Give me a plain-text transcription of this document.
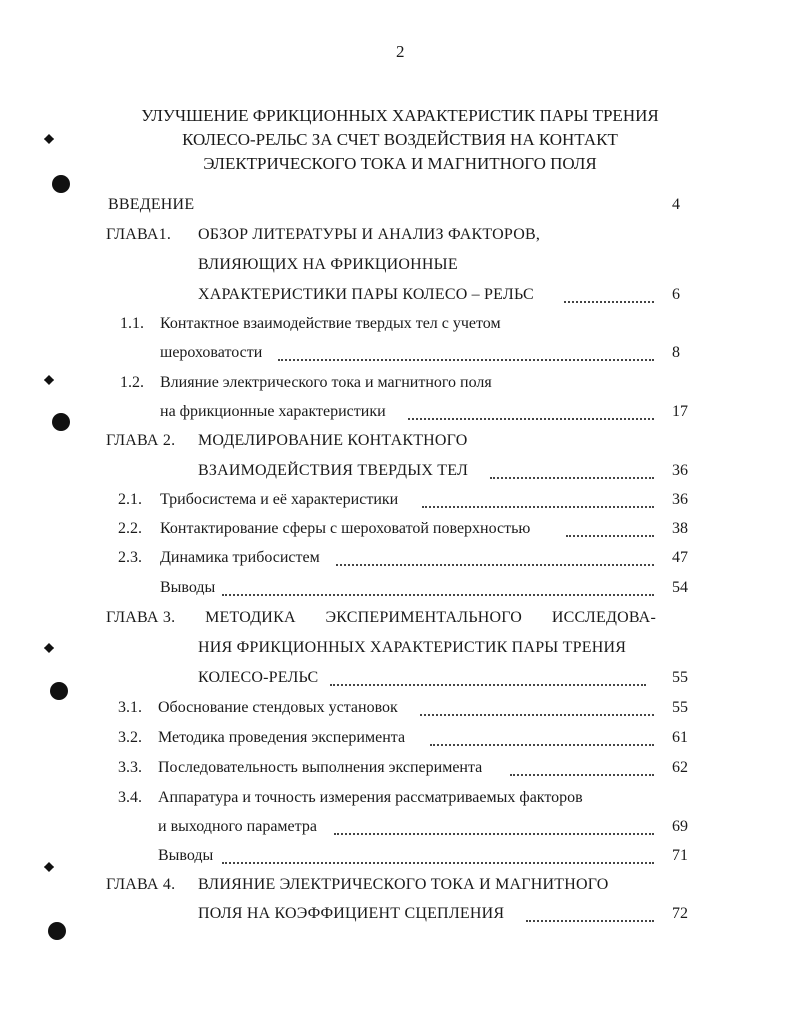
2
УЛУЧШЕНИЕ ФРИКЦИОННЫХ ХАРАКТЕРИСТИК ПАРЫ ТРЕНИЯ
КОЛЕСО-РЕЛЬС ЗА СЧЕТ ВОЗДЕЙСТВИЯ НА КОНТАКТ
ЭЛЕКТРИЧЕСКОГО ТОКА И МАГНИТНОГО ПОЛЯ
ВВЕДЕНИЕ	4
ГЛАВА1. ОБЗОР ЛИТЕРАТУРЫ И АНАЛИЗ ФАКТОРОВ,
ВЛИЯЮЩИХ НА ФРИКЦИОННЫЕ
ХАРАКТЕРИСТИКИ ПАРЫ КОЛЕСО – РЕЛЬС	6
1.1. Контактное взаимодействие твердых тел с учетом
шероховатости	8
1.2. Влияние электрического тока и магнитного поля
на фрикционные характеристики	17
ГЛАВА 2. МОДЕЛИРОВАНИЕ КОНТАКТНОГО
ВЗАИМОДЕЙСТВИЯ ТВЕРДЫХ ТЕЛ	36
2.1. Трибосистема и её характеристики	36
2.2. Контактирование сферы с шероховатой поверхностью	38
2.3. Динамика трибосистем	47
Выводы	54
ГЛАВА 3. МЕТОДИКА ЭКСПЕРИМЕНТАЛЬНОГО ИССЛЕДОВА-
НИЯ ФРИКЦИОННЫХ ХАРАКТЕРИСТИК ПАРЫ ТРЕНИЯ
КОЛЕСО-РЕЛЬС	55
3.1. Обоснование стендовых установок	55
3.2. Методика проведения эксперимента	61
3.3. Последовательность выполнения эксперимента	62
3.4. Аппаратура и точность измерения рассматриваемых факторов
и выходного параметра	69
Выводы	71
ГЛАВА 4. ВЛИЯНИЕ ЭЛЕКТРИЧЕСКОГО ТОКА И МАГНИТНОГО
ПОЛЯ НА КОЭФФИЦИЕНТ СЦЕПЛЕНИЯ	72
